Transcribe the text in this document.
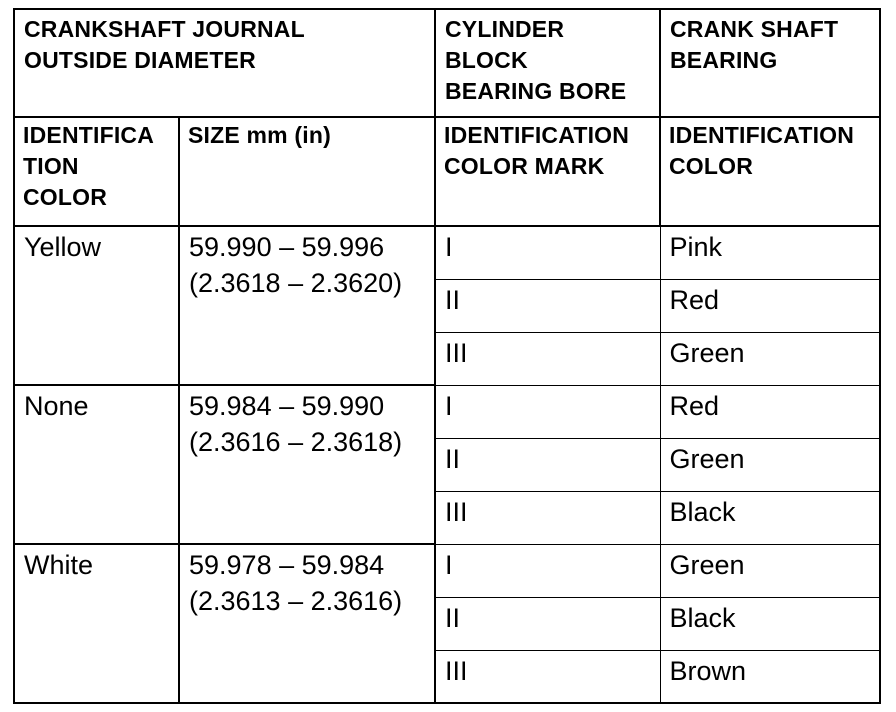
CRANKSHAFT JOURNAL
OUTSIDE DIAMETER		CYLINDER
BLOCK
BEARING BORE	CRANK SHAFT
BEARING

IDENTIFICA
TION
COLOR	SIZE mm (in)	IDENTIFICATION
COLOR MARK	IDENTIFICATION
COLOR

Yellow	59.990 – 59.996
(2.3618 – 2.3620)	I	Pink

		II	Red

		III	Green

None	59.984 – 59.990
(2.3616 – 2.3618)	I	Red

		II	Green

		III	Black

White	59.978 – 59.984
(2.3613 – 2.3616)	I	Green

		II	Black

		III	Brown
